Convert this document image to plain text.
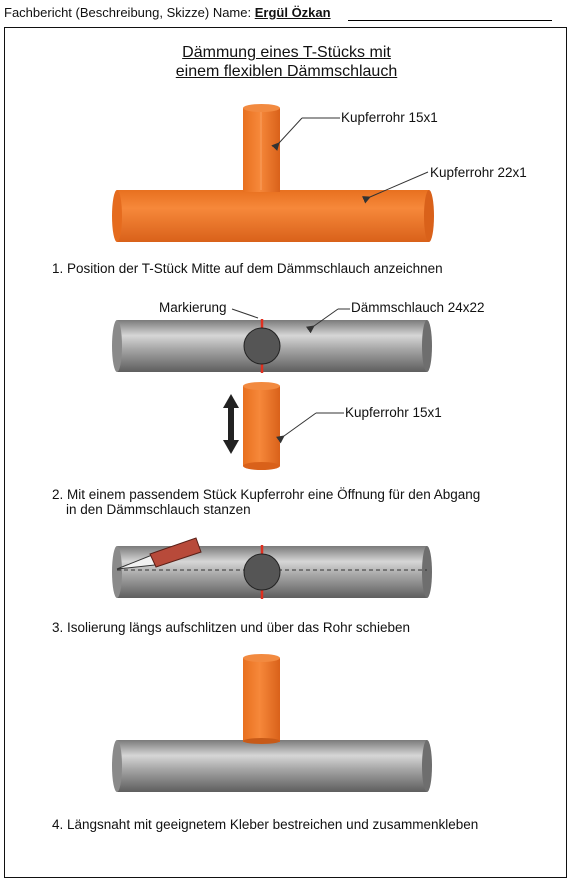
Fachbericht (Beschreibung, Skizze) Name: Ergül Özkan
Dämmung eines T-Stücks mit
einem flexiblen Dämmschlauch
Kupferrohr 15x1
Kupferrohr 22x1
1. Position der T-Stück Mitte auf dem Dämmschlauch anzeichnen
Markierung	Dämmschlauch 24x22
Kupferrohr 15x1
2. Mit einem passendem Stück Kupferrohr eine Öffnung für den Abgang
in den Dämmschlauch stanzen
3. Isolierung längs aufschlitzen und über das Rohr schieben
4. Längsnaht mit geeignetem Kleber bestreichen und zusammenkleben
